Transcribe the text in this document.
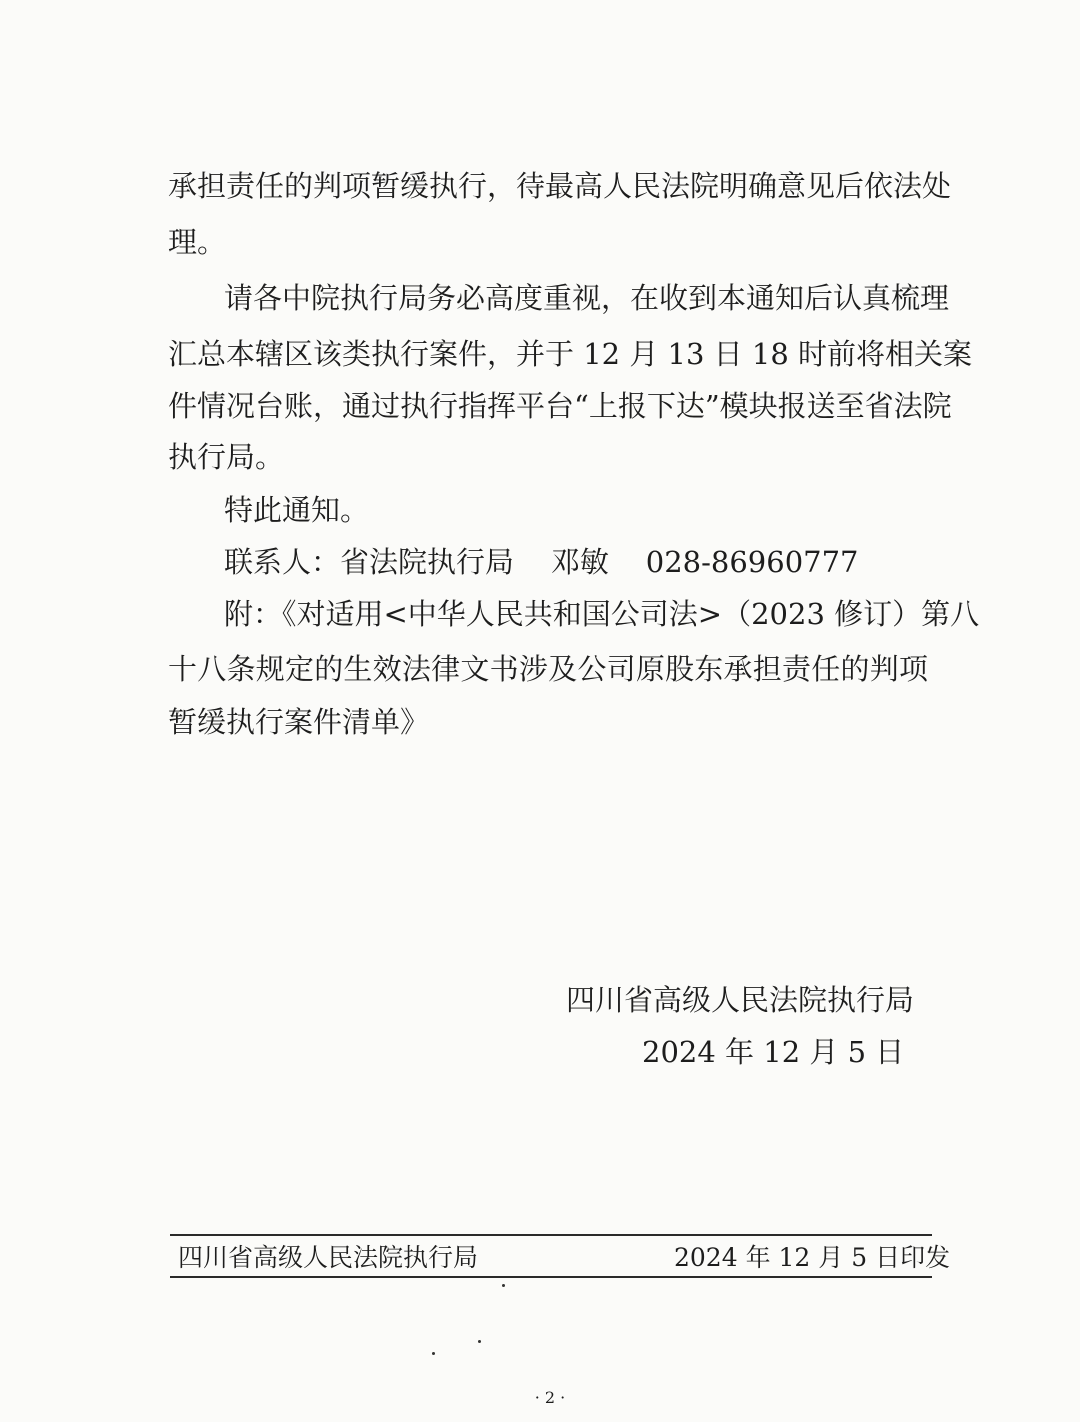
承担责任的判项暂缓执行，待最高人民法院明确意见后依法处
理。
请各中院执行局务必高度重视，在收到本通知后认真梳理
汇总本辖区该类执行案件，并于 12 月 13 日 18 时前将相关案
件情况台账，通过执行指挥平台“上报下达”模块报送至省法院
执行局。
特此通知。
联系人：省法院执行局    邓敏    028-86960777
附：《对适用<中华人民共和国公司法>（2023 修订）第八
十八条规定的生效法律文书涉及公司原股东承担责任的判项
暂缓执行案件清单》
四川省高级人民法院执行局
2024 年 12 月 5 日
四川省高级人民法院执行局	2024 年 12 月 5 日印发
· 2 ·
